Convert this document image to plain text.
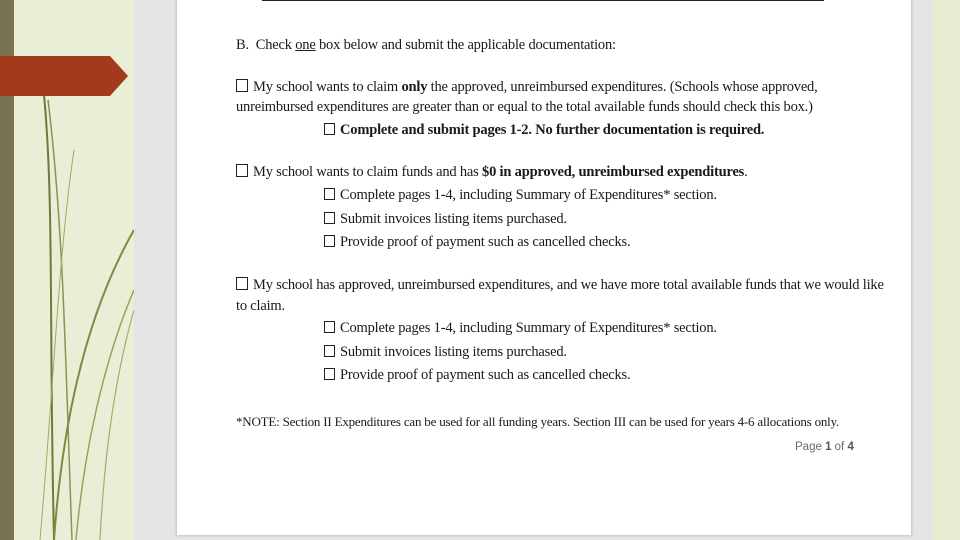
B. Check one box below and submit the applicable documentation:
My school wants to claim only the approved, unreimbursed expenditures. (Schools whose approved,
unreimbursed expenditures are greater than or equal to the total available funds should check this box.)
Complete and submit pages 1-2. No further documentation is required.
My school wants to claim funds and has $0 in approved, unreimbursed expenditures.
Complete pages 1-4, including Summary of Expenditures* section.
Submit invoices listing items purchased.
Provide proof of payment such as cancelled checks.
My school has approved, unreimbursed expenditures, and we have more total available funds that we would like
to claim.
Complete pages 1-4, including Summary of Expenditures* section.
Submit invoices listing items purchased.
Provide proof of payment such as cancelled checks.
*NOTE: Section II Expenditures can be used for all funding years. Section III can be used for years 4-6 allocations only.
Page 1 of 4
